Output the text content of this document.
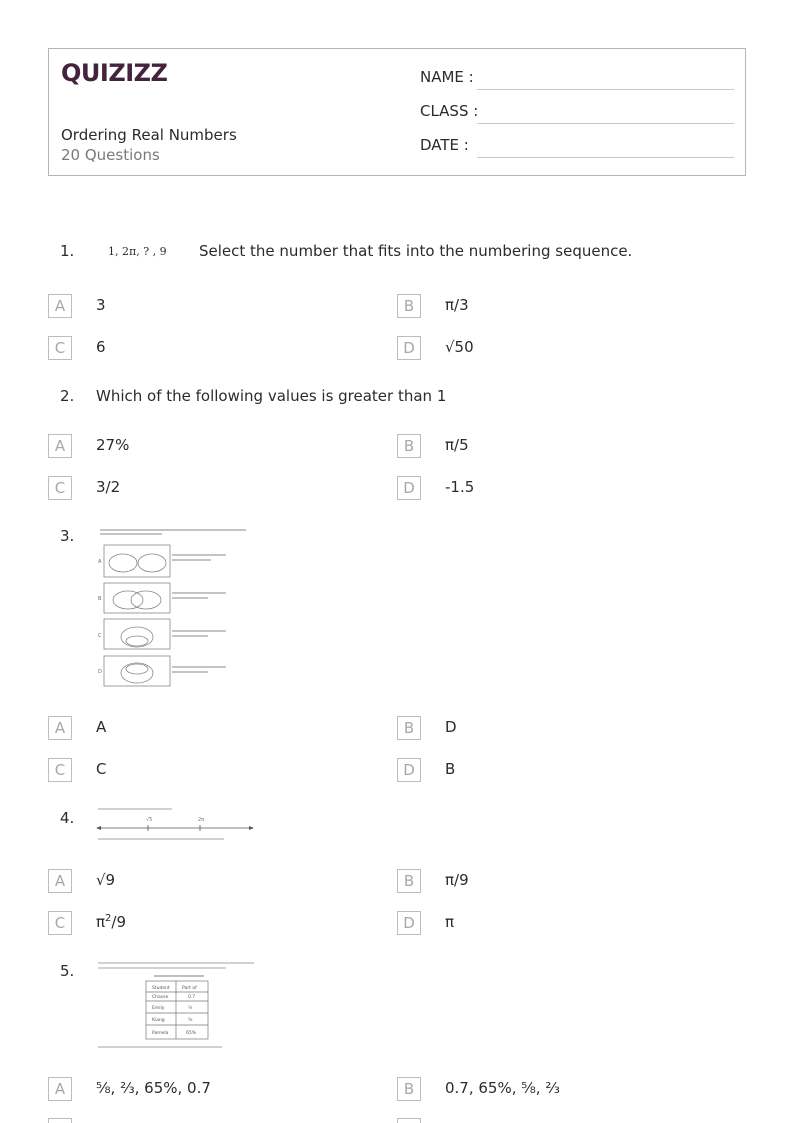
QUIZIZZ
Ordering Real Numbers
20 Questions
NAME :
CLASS :
DATE :
1.	1, 2π, ? , 9 Select the number that fits into the numbering sequence.
A	3	B	π/3
C	6	D	√50
2. Which of the following values is greater than 1
A	27%	B	π/5
C	3/2	D	-1.5
3.
A
B
C
D
A	A	B	D
C	C	D	B
4.	√5	2π
A	√9	B	π/9
C	$\pi^2/9$	D	π
5.
Student	Part of
Chasse	0.7
Emily	⅔
Kiang	⅝
Pamela	65%
A	⅝, ⅔, 65%, 0.7	B	0.7, 65%, ⅝, ⅔
